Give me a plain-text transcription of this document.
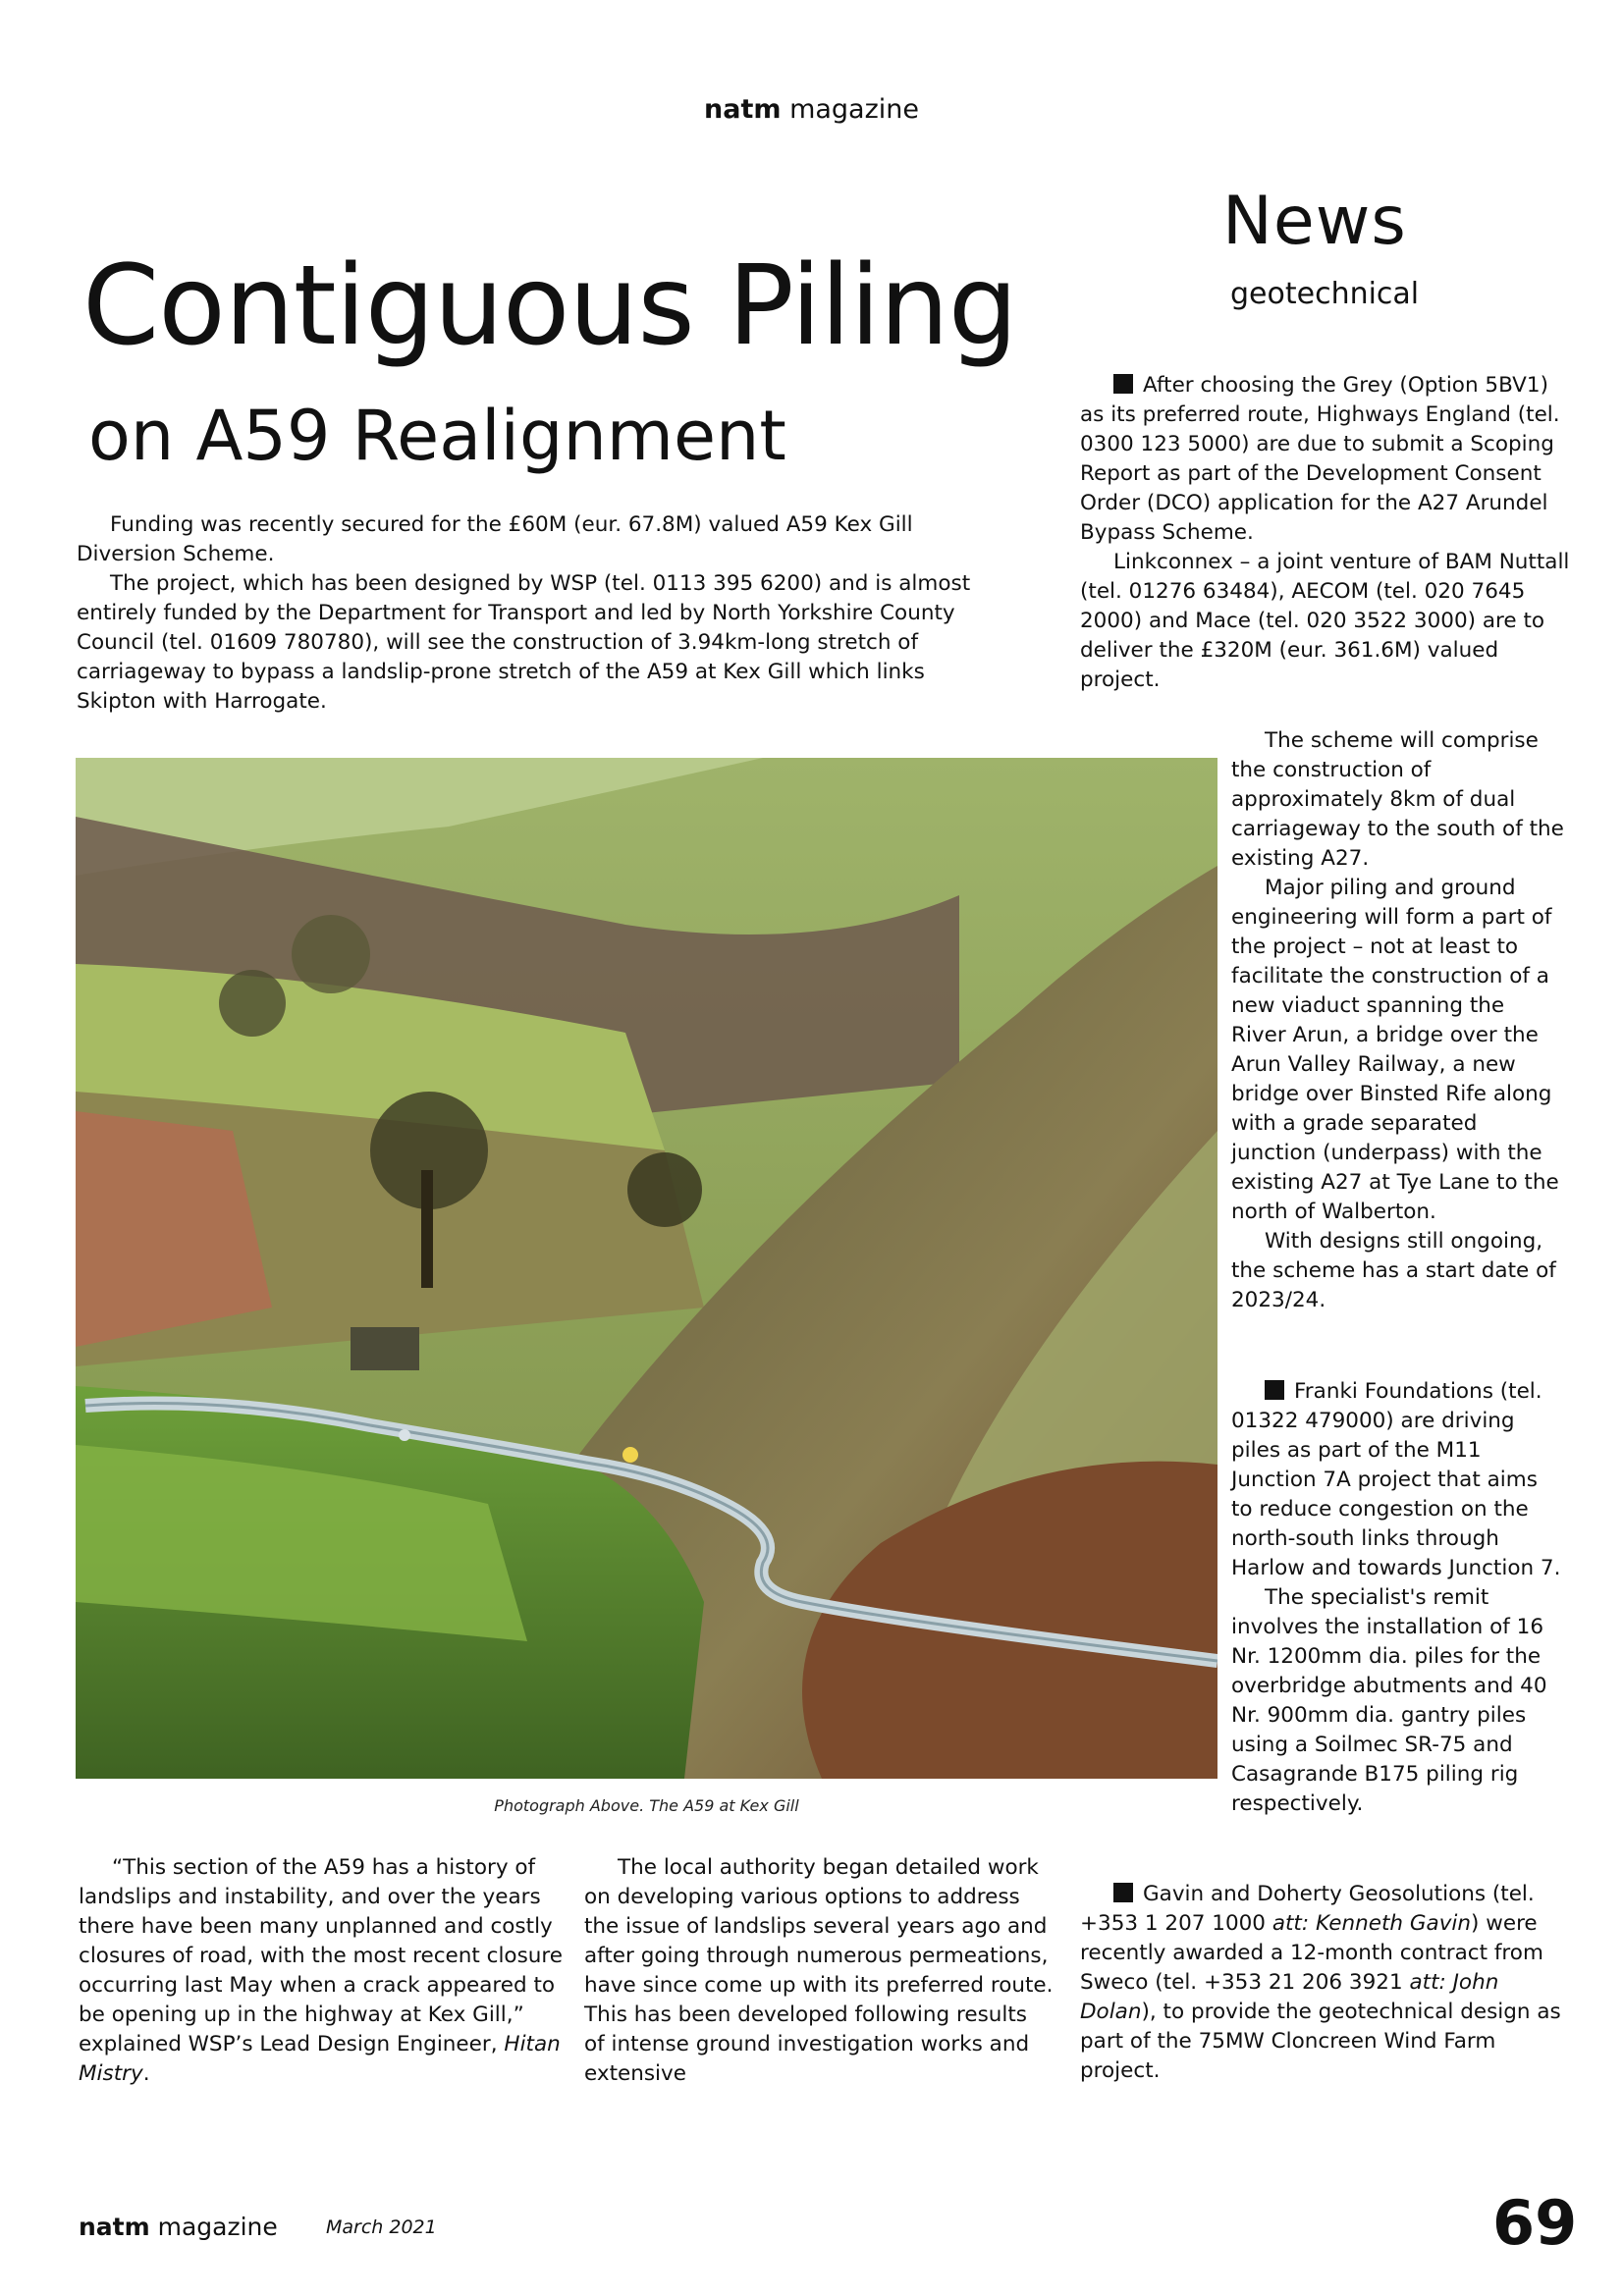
natm magazine
News
geotechnical
Contiguous Piling
on A59 Realignment

Funding was recently secured for the £60M (eur. 67.8M) valued A59 Kex Gill Diversion Scheme.

The project, which has been designed by WSP (tel. 0113 395 6200) and is almost entirely funded by the Department for Transport and led by North Yorkshire County Council (tel. 01609 780780), will see the construction of 3.94km-long stretch of carriageway to bypass a landslip-prone stretch of the A59 at Kex Gill which links Skipton with Harrogate.

After choosing the Grey (Option 5BV1) as its preferred route, Highways England (tel. 0300 123 5000) are due to submit a Scoping Report as part of the Development Consent Order (DCO) application for the A27 Arundel Bypass Scheme.

Linkconnex – a joint venture of BAM Nuttall (tel. 01276 63484), AECOM (tel. 020 7645 2000) and Mace (tel. 020 3522 3000) are to deliver the £320M (eur. 361.6M) valued project.

The scheme will comprise the construction of approximately 8km of dual carriageway to the south of the existing A27.

Major piling and ground engineering will form a part of the project – not at least to facilitate the construction of a new viaduct spanning the River Arun, a bridge over the Arun Valley Railway, a new bridge over Binsted Rife along with a grade separated junction (underpass) with the existing A27 at Tye Lane to the north of Walberton.

With designs still ongoing, the scheme has a start date of 2023/24.

Franki Foundations (tel. 01322 479000) are driving piles as part of the M11 Junction 7A project that aims to reduce congestion on the north-south links through Harlow and towards Junction 7.

The specialist's remit involves the installation of 16 Nr. 1200mm dia. piles for the overbridge abutments and 40 Nr. 900mm dia. gantry piles using a Soilmec SR-75 and Casagrande B175 piling rig respectively.

Gavin and Doherty Geosolutions (tel. +353 1 207 1000 att: Kenneth Gavin) were recently awarded a 12-month contract from Sweco (tel. +353 21 206 3921 att: John Dolan), to provide the geotechnical design as part of the 75MW Cloncreen Wind Farm project.

Photograph Above. The A59 at Kex Gill

“This section of the A59 has a history of landslips and instability, and over the years there have been many unplanned and costly closures of road, with the most recent closure occurring last May when a crack appeared to be opening up in the highway at Kex Gill,” explained WSP’s Lead Design Engineer, Hitan Mistry.

The local authority began detailed work on developing various options to address the issue of landslips several years ago and after going through numerous permeations, have since come up with its preferred route. This has been developed following results of intense ground investigation works and extensive

natm magazine	March 2021	69
